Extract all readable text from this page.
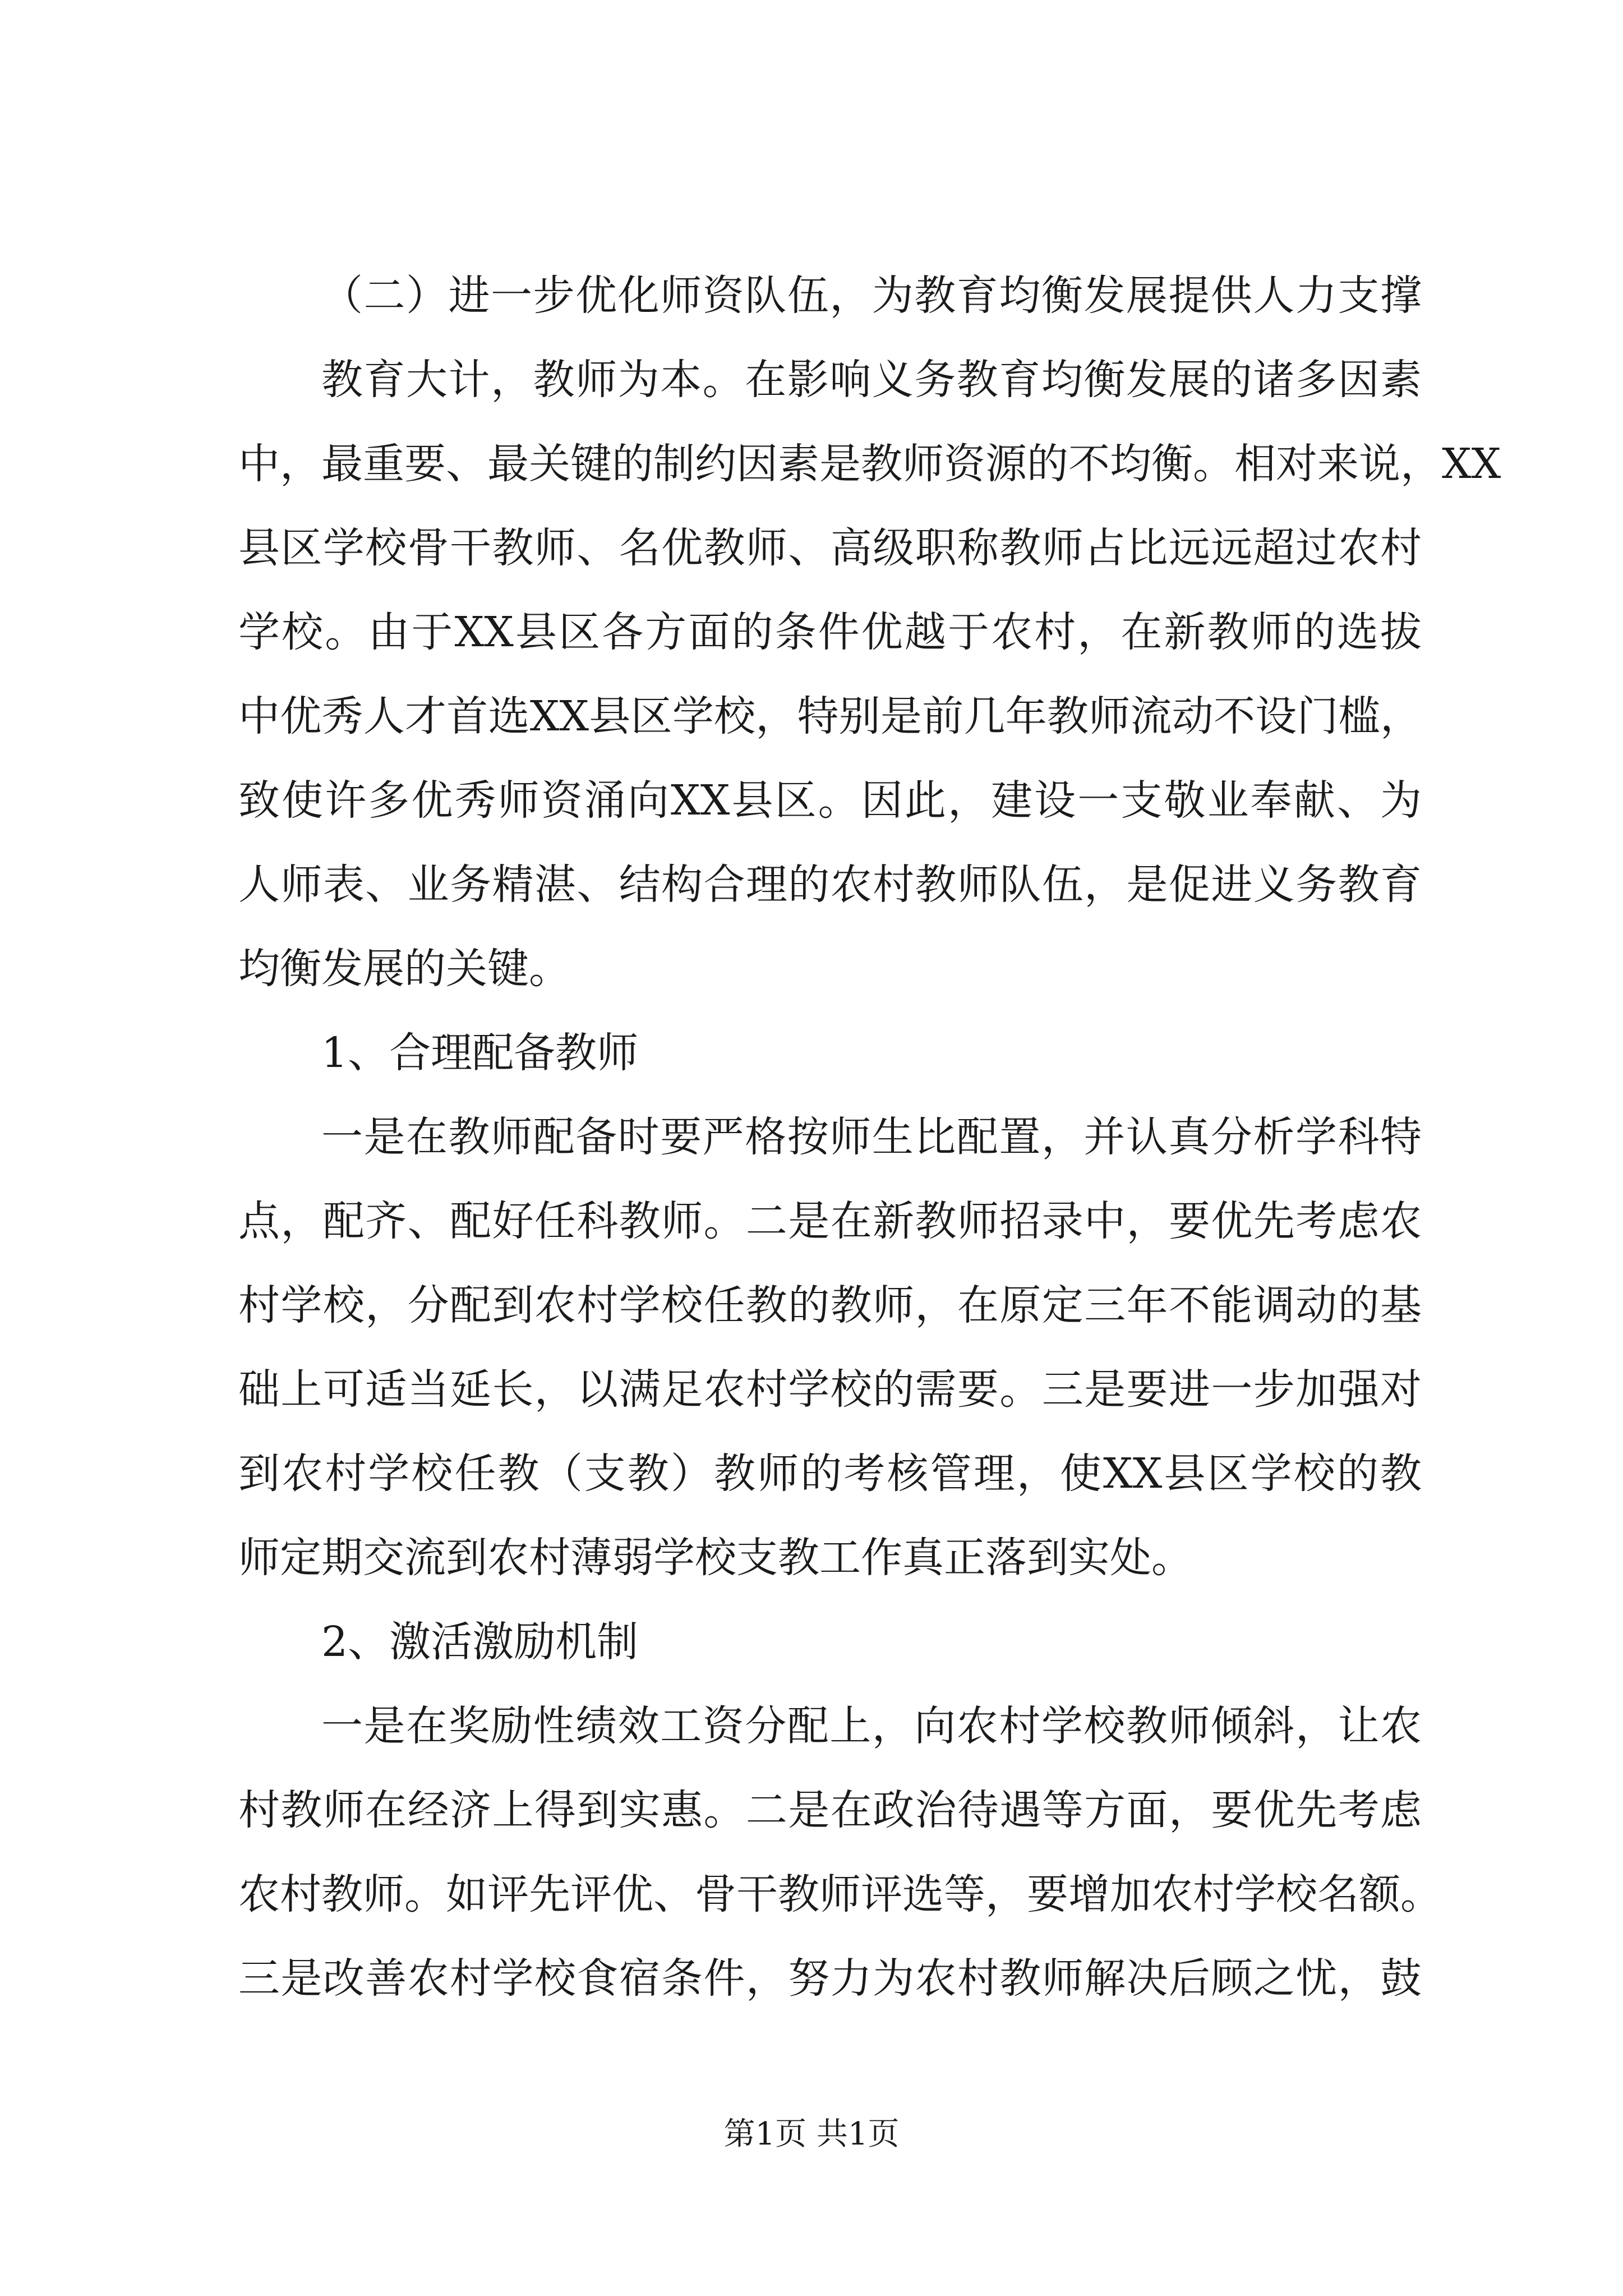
（二）进一步优化师资队伍，为教育均衡发展提供人力支撑
教育大计，教师为本。在影响义务教育均衡发展的诸多因素
中，最重要、最关键的制约因素是教师资源的不均衡。相对来说，XX
县区学校骨干教师、名优教师、高级职称教师占比远远超过农村
学校。由于XX县区各方面的条件优越于农村，在新教师的选拔
中优秀人才首选XX县区学校，特别是前几年教师流动不设门槛，
致使许多优秀师资涌向XX县区。因此，建设一支敬业奉献、为
人师表、业务精湛、结构合理的农村教师队伍，是促进义务教育
均衡发展的关键。
1、合理配备教师
一是在教师配备时要严格按师生比配置，并认真分析学科特
点，配齐、配好任科教师。二是在新教师招录中，要优先考虑农
村学校，分配到农村学校任教的教师，在原定三年不能调动的基
础上可适当延长，以满足农村学校的需要。三是要进一步加强对
到农村学校任教（支教）教师的考核管理，使XX县区学校的教
师定期交流到农村薄弱学校支教工作真正落到实处。
2、激活激励机制
一是在奖励性绩效工资分配上，向农村学校教师倾斜，让农
村教师在经济上得到实惠。二是在政治待遇等方面，要优先考虑
农村教师。如评先评优、骨干教师评选等，要增加农村学校名额。
三是改善农村学校食宿条件，努力为农村教师解决后顾之忧，鼓
第1页 共1页
